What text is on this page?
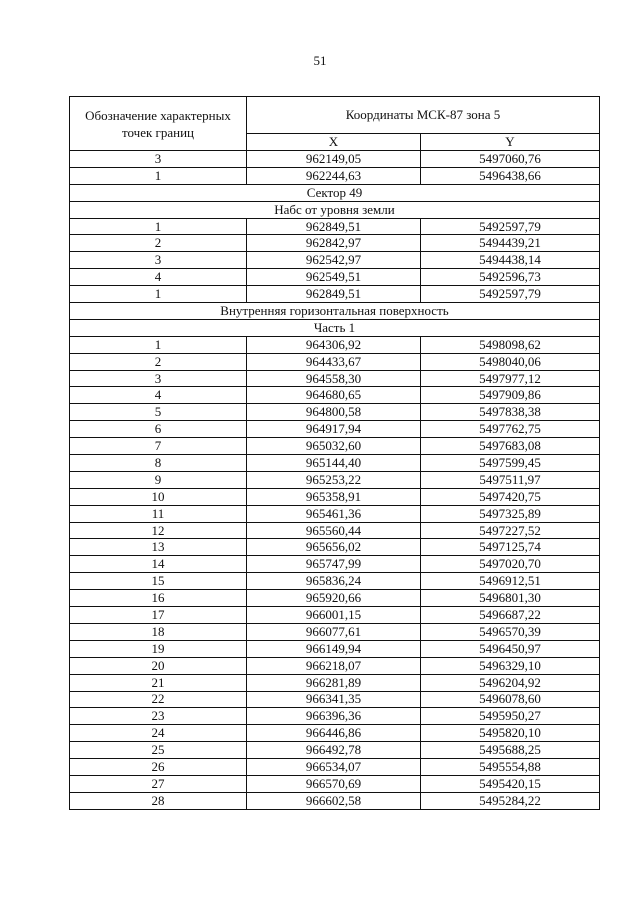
51
Обозначение характерных точек границ	Координаты МСК-87 зона 5	
	X	Y
3	962149,05	5497060,76
1	962244,63	5496438,66
Сектор 49		
Набс от уровня земли		
1	962849,51	5492597,79
2	962842,97	5494439,21
3	962542,97	5494438,14
4	962549,51	5492596,73
1	962849,51	5492597,79
Внутренняя горизонтальная поверхность		
Часть 1		
1	964306,92	5498098,62
2	964433,67	5498040,06
3	964558,30	5497977,12
4	964680,65	5497909,86
5	964800,58	5497838,38
6	964917,94	5497762,75
7	965032,60	5497683,08
8	965144,40	5497599,45
9	965253,22	5497511,97
10	965358,91	5497420,75
11	965461,36	5497325,89
12	965560,44	5497227,52
13	965656,02	5497125,74
14	965747,99	5497020,70
15	965836,24	5496912,51
16	965920,66	5496801,30
17	966001,15	5496687,22
18	966077,61	5496570,39
19	966149,94	5496450,97
20	966218,07	5496329,10
21	966281,89	5496204,92
22	966341,35	5496078,60
23	966396,36	5495950,27
24	966446,86	5495820,10
25	966492,78	5495688,25
26	966534,07	5495554,88
27	966570,69	5495420,15
28	966602,58	5495284,22
